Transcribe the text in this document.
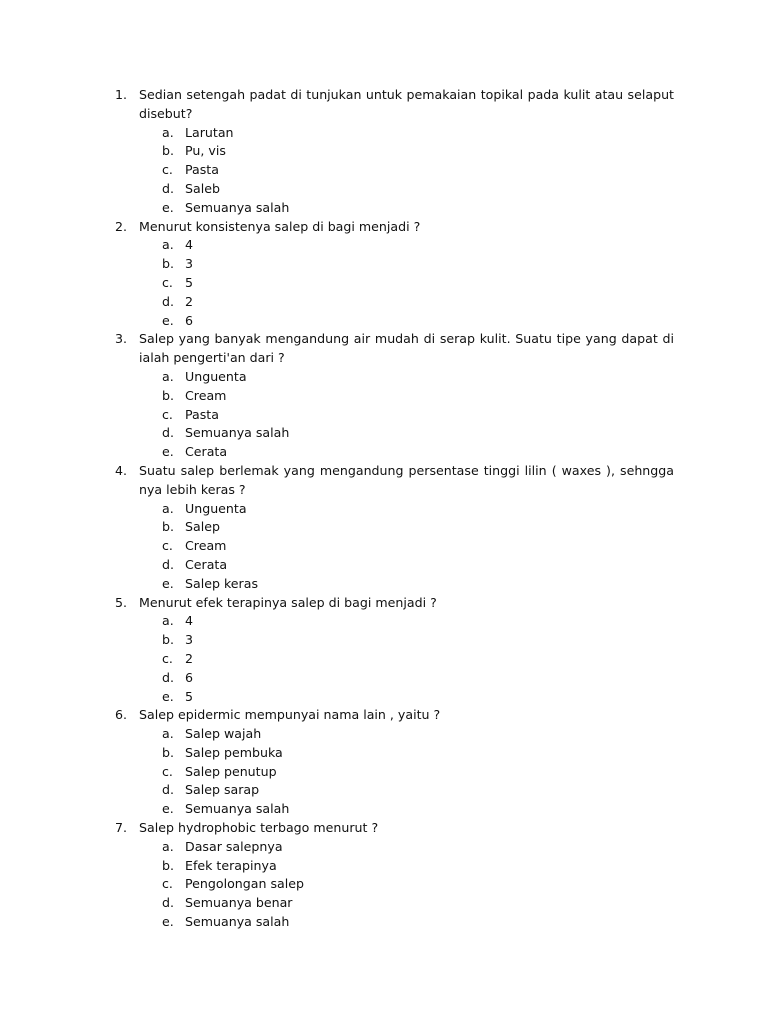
1. Sedian setengah padat di tunjukan untuk pemakaian topikal pada kulit atau selaput
disebut?
a. Larutan
b. Pu, vis
c. Pasta
d. Saleb
e. Semuanya salah
2. Menurut konsistenya salep di bagi menjadi ?
a. 4
b. 3
c. 5
d. 2
e. 6
3. Salep yang banyak mengandung air mudah di serap kulit. Suatu tipe yang dapat di
ialah pengerti'an dari ?
a. Unguenta
b. Cream
c. Pasta
d. Semuanya salah
e. Cerata
4. Suatu salep berlemak yang mengandung persentase tinggi lilin ( waxes ), sehngga
nya lebih keras ?
a. Unguenta
b. Salep
c. Cream
d. Cerata
e. Salep keras
5. Menurut efek terapinya salep di bagi menjadi ?
a. 4
b. 3
c. 2
d. 6
e. 5
6. Salep epidermic mempunyai nama lain , yaitu ?
a. Salep wajah
b. Salep pembuka
c. Salep penutup
d. Salep sarap
e. Semuanya salah
7. Salep hydrophobic terbago menurut ?
a. Dasar salepnya
b. Efek terapinya
c. Pengolongan salep
d. Semuanya benar
e. Semuanya salah
